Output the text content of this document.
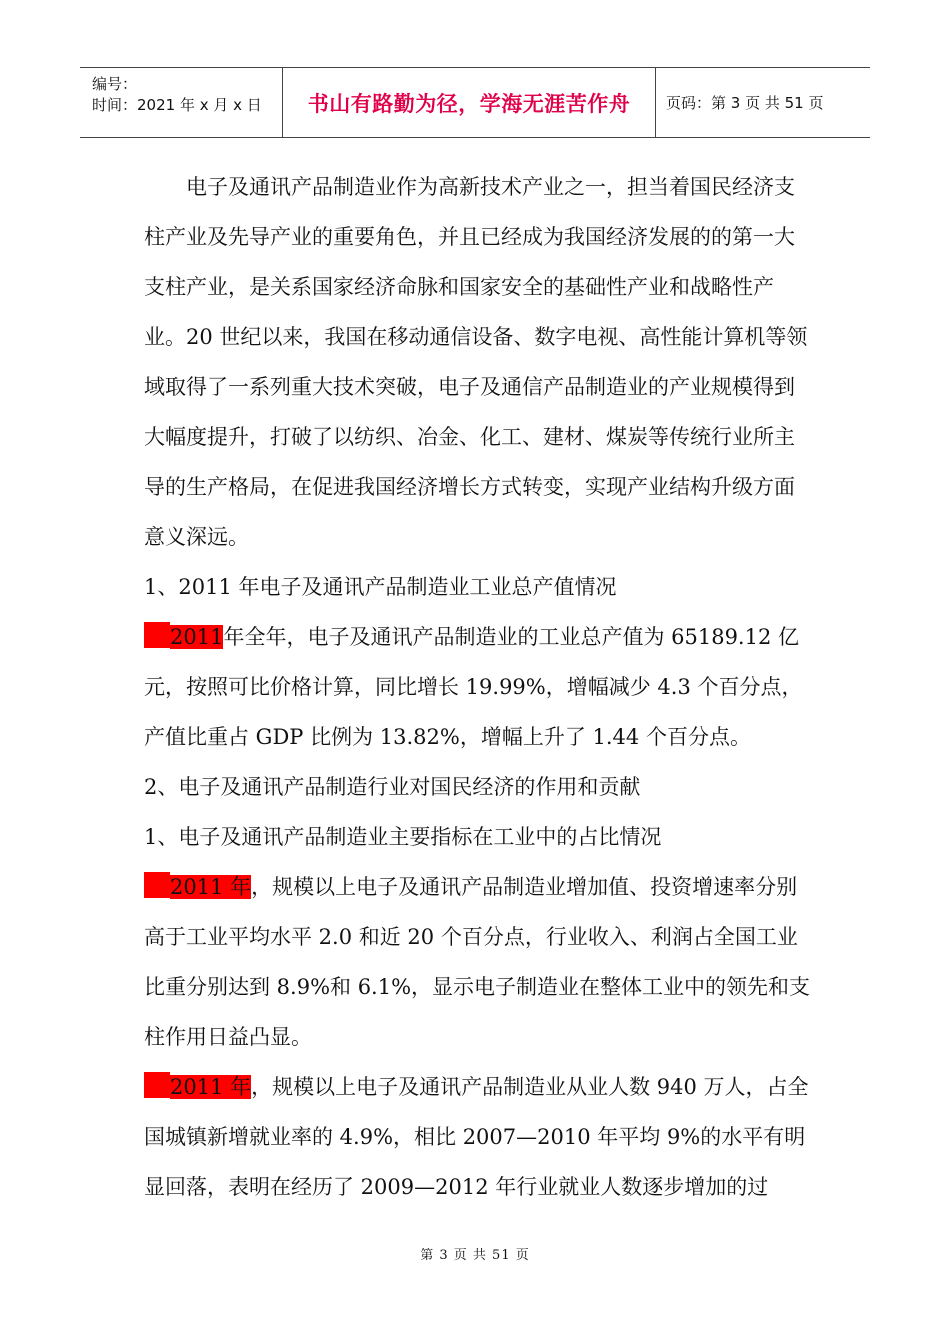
编号：
时间：2021 年 x 月 x 日	书山有路勤为径，学海无涯苦作舟	页码：第 3 页 共 51 页

电子及通讯产品制造业作为高新技术产业之一，担当着国民经济支柱产业及先导产业的重要角色，并且已经成为我国经济发展的的第一大支柱产业，是关系国家经济命脉和国家安全的基础性产业和战略性产业。20 世纪以来，我国在移动通信设备、数字电视、高性能计算机等领域取得了一系列重大技术突破，电子及通信产品制造业的产业规模得到大幅度提升，打破了以纺织、冶金、化工、建材、煤炭等传统行业所主导的生产格局，在促进我国经济增长方式转变，实现产业结构升级方面意义深远。

1、2011 年电子及通讯产品制造业工业总产值情况

2011年全年，电子及通讯产品制造业的工业总产值为 65189.12 亿元，按照可比价格计算，同比增长 19.99%，增幅减少 4.3 个百分点，产值比重占 GDP 比例为 13.82%，增幅上升了 1.44 个百分点。

2、电子及通讯产品制造行业对国民经济的作用和贡献

1、电子及通讯产品制造业主要指标在工业中的占比情况

2011 年，规模以上电子及通讯产品制造业增加值、投资增速率分别高于工业平均水平 2.0 和近 20 个百分点，行业收入、利润占全国工业比重分别达到 8.9%和 6.1%，显示电子制造业在整体工业中的领先和支柱作用日益凸显。

2011 年，规模以上电子及通讯产品制造业从业人数 940 万人，占全国城镇新增就业率的 4.9%，相比 2007—2010 年平均 9%的水平有明显回落，表明在经历了 2009—2012 年行业就业人数逐步增加的过

第 3 页 共 51 页
